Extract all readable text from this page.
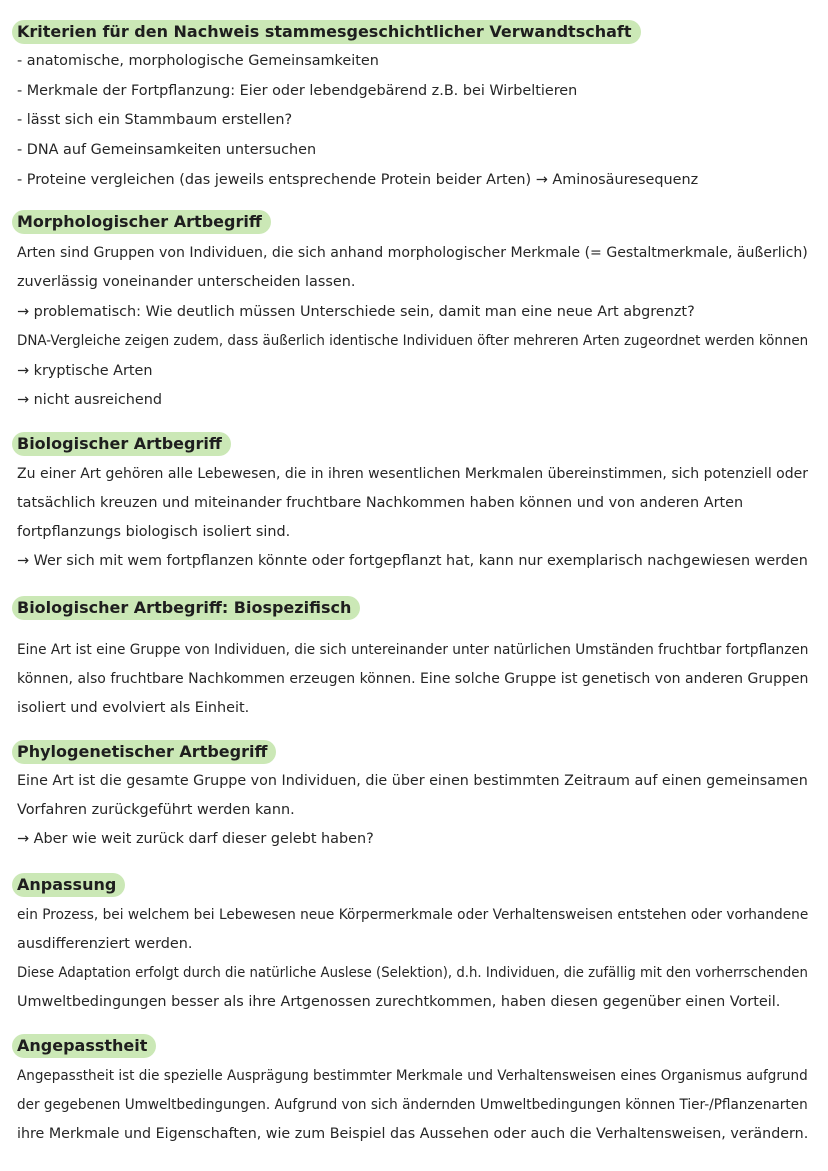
Kriterien für den Nachweis stammesgeschichtlicher Verwandtschaft
- anatomische, morphologische Gemeinsamkeiten
- Merkmale der Fortpflanzung: Eier oder lebendgebärend z.B. bei Wirbeltieren
- lässt sich ein Stammbaum erstellen?
- DNA auf Gemeinsamkeiten untersuchen
- Proteine vergleichen (das jeweils entsprechende Protein beider Arten) → Aminosäuresequenz
Morphologischer Artbegriff
Arten sind Gruppen von Individuen, die sich anhand morphologischer Merkmale (= Gestaltmerkmale, äußerlich)
zuverlässig voneinander unterscheiden lassen.
→ problematisch: Wie deutlich müssen Unterschiede sein, damit man eine neue Art abgrenzt?
DNA-Vergleiche zeigen zudem, dass äußerlich identische Individuen öfter mehreren Arten zugeordnet werden können
→ kryptische Arten
→ nicht ausreichend
Biologischer Artbegriff
Zu einer Art gehören alle Lebewesen, die in ihren wesentlichen Merkmalen übereinstimmen, sich potenziell oder
tatsächlich kreuzen und miteinander fruchtbare Nachkommen haben können und von anderen Arten
fortpflanzungs biologisch isoliert sind.
→ Wer sich mit wem fortpflanzen könnte oder fortgepflanzt hat, kann nur exemplarisch nachgewiesen werden
Biologischer Artbegriff: Biospezifisch
Eine Art ist eine Gruppe von Individuen, die sich untereinander unter natürlichen Umständen fruchtbar fortpflanzen
können, also fruchtbare Nachkommen erzeugen können. Eine solche Gruppe ist genetisch von anderen Gruppen
isoliert und evolviert als Einheit.
Phylogenetischer Artbegriff
Eine Art ist die gesamte Gruppe von Individuen, die über einen bestimmten Zeitraum auf einen gemeinsamen
Vorfahren zurückgeführt werden kann.
→ Aber wie weit zurück darf dieser gelebt haben?
Anpassung
ein Prozess, bei welchem bei Lebewesen neue Körpermerkmale oder Verhaltensweisen entstehen oder vorhandene
ausdifferenziert werden.
Diese Adaptation erfolgt durch die natürliche Auslese (Selektion), d.h. Individuen, die zufällig mit den vorherrschenden
Umweltbedingungen besser als ihre Artgenossen zurechtkommen, haben diesen gegenüber einen Vorteil.
Angepasstheit
Angepasstheit ist die spezielle Ausprägung bestimmter Merkmale und Verhaltensweisen eines Organismus aufgrund
der gegebenen Umweltbedingungen. Aufgrund von sich ändernden Umweltbedingungen können Tier-/Pflanzenarten
ihre Merkmale und Eigenschaften, wie zum Beispiel das Aussehen oder auch die Verhaltensweisen, verändern.
